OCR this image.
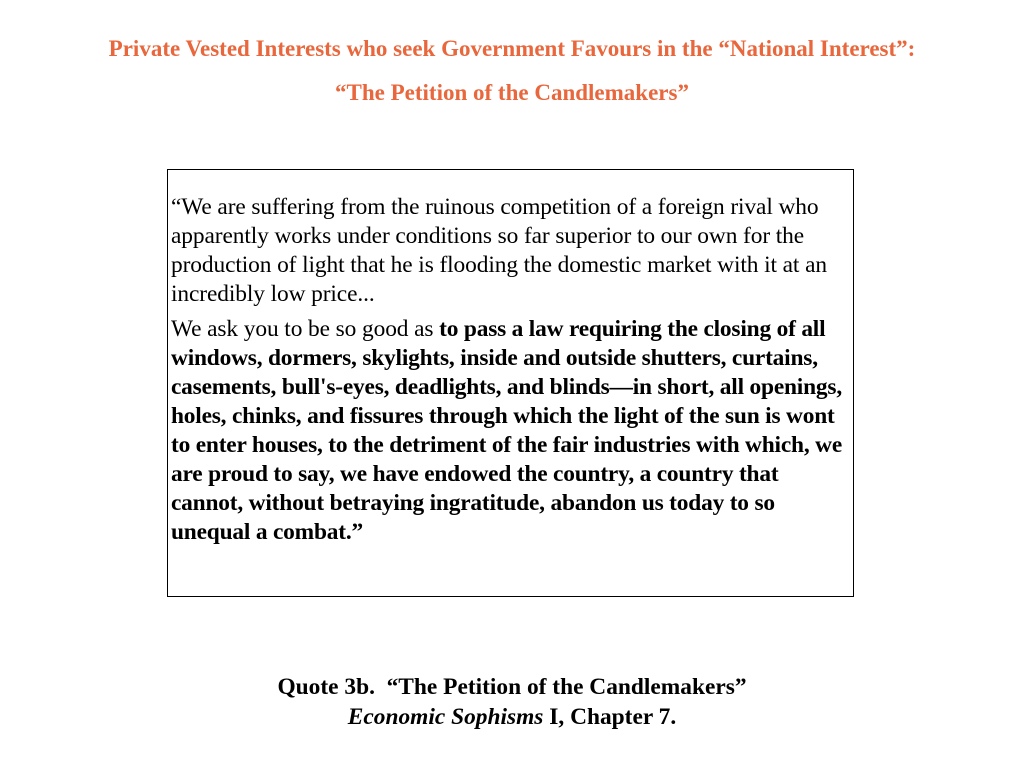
Private Vested Interests who seek Government Favours in the “National Interest”:
“The Petition of the Candlemakers”

“We are suffering from the ruinous competition of a foreign rival who apparently works under conditions so far superior to our own for the production of light that he is flooding the domestic market with it at an incredibly low price...

We ask you to be so good as to pass a law requiring the closing of all windows, dormers, skylights, inside and outside shutters, curtains, casements, bull's-eyes, deadlights, and blinds—in short, all openings, holes, chinks, and fissures through which the light of the sun is wont to enter houses, to the detriment of the fair industries with which, we are proud to say, we have endowed the country, a country that cannot, without betraying ingratitude, abandon us today to so unequal a combat.”

Quote 3b.  “The Petition of the Candlemakers”
Economic Sophisms I, Chapter 7.
